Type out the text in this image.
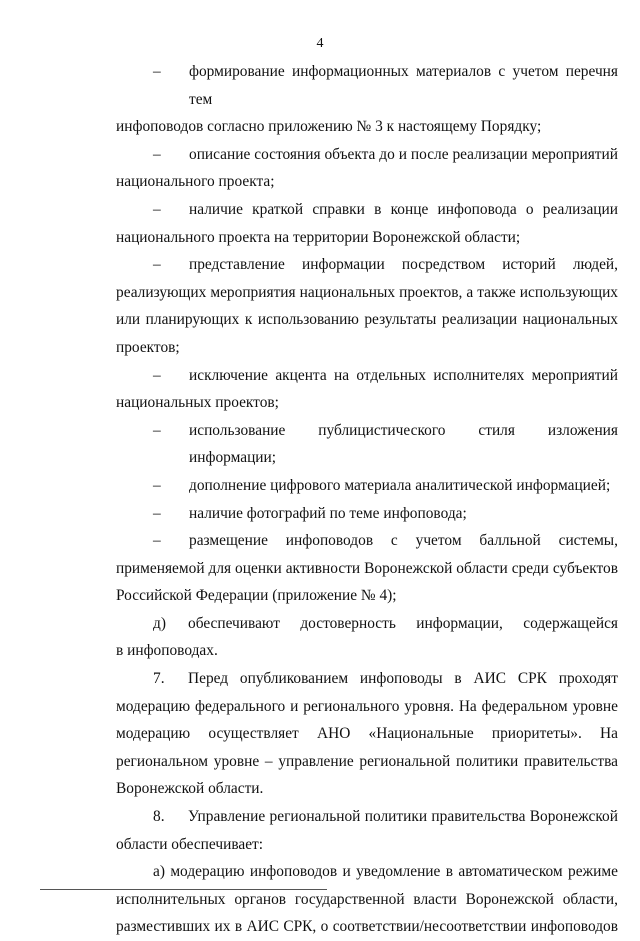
4
– формирование информационных материалов с учетом перечня тем
инфоповодов согласно приложению № 3 к настоящему Порядку;
– описание состояния объекта до и после реализации мероприятий
национального проекта;
– наличие краткой справки в конце инфоповода о реализации
национального проекта на территории Воронежской области;
– представление информации посредством историй людей,
реализующих мероприятия национальных проектов, а также использующих или планирующих к использованию результаты реализации национальных проектов;
– исключение акцента на отдельных исполнителях мероприятий
национальных проектов;
– использование публицистического стиля изложения информации;
– дополнение цифрового материала аналитической информацией;
– наличие фотографий по теме инфоповода;
– размещение инфоповодов с учетом балльной системы,
применяемой для оценки активности Воронежской области среди субъектов Российской Федерации (приложение № 4);
д) обеспечивают достоверность информации, содержащейся
в инфоповодах.
7. Перед опубликованием инфоповоды в АИС СРК проходят
модерацию федерального и регионального уровня. На федеральном уровне модерацию осуществляет АНО «Национальные приоритеты». На региональном уровне – управление региональной политики правительства Воронежской области.
8. Управление региональной политики правительства Воронежской
области обеспечивает:
а) модерацию инфоповодов и уведомление в автоматическом режиме
исполнительных органов государственной власти Воронежской области, разместивших их в АИС СРК, о соответствии/несоответствии инфоповодов
